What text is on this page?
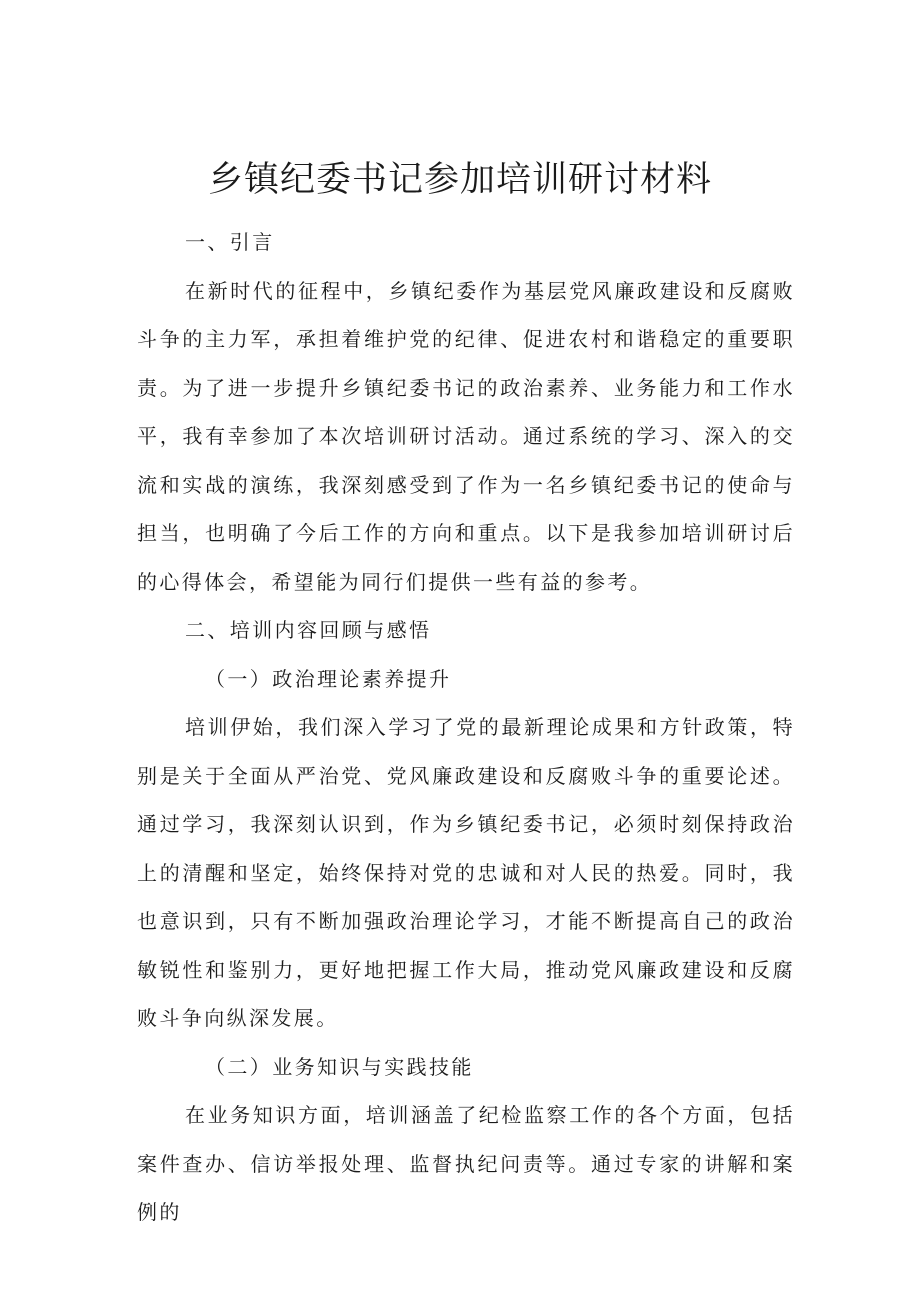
乡镇纪委书记参加培训研讨材料

一、引言

在新时代的征程中，乡镇纪委作为基层党风廉政建设和反腐败斗争的主力军，承担着维护党的纪律、促进农村和谐稳定的重要职责。为了进一步提升乡镇纪委书记的政治素养、业务能力和工作水平，我有幸参加了本次培训研讨活动。通过系统的学习、深入的交流和实战的演练，我深刻感受到了作为一名乡镇纪委书记的使命与担当，也明确了今后工作的方向和重点。以下是我参加培训研讨后的心得体会，希望能为同行们提供一些有益的参考。

二、培训内容回顾与感悟

（一）政治理论素养提升

培训伊始，我们深入学习了党的最新理论成果和方针政策，特别是关于全面从严治党、党风廉政建设和反腐败斗争的重要论述。通过学习，我深刻认识到，作为乡镇纪委书记，必须时刻保持政治上的清醒和坚定，始终保持对党的忠诚和对人民的热爱。同时，我也意识到，只有不断加强政治理论学习，才能不断提高自己的政治敏锐性和鉴别力，更好地把握工作大局，推动党风廉政建设和反腐败斗争向纵深发展。

（二）业务知识与实践技能

在业务知识方面，培训涵盖了纪检监察工作的各个方面，包括案件查办、信访举报处理、监督执纪问责等。通过专家的讲解和案例的
